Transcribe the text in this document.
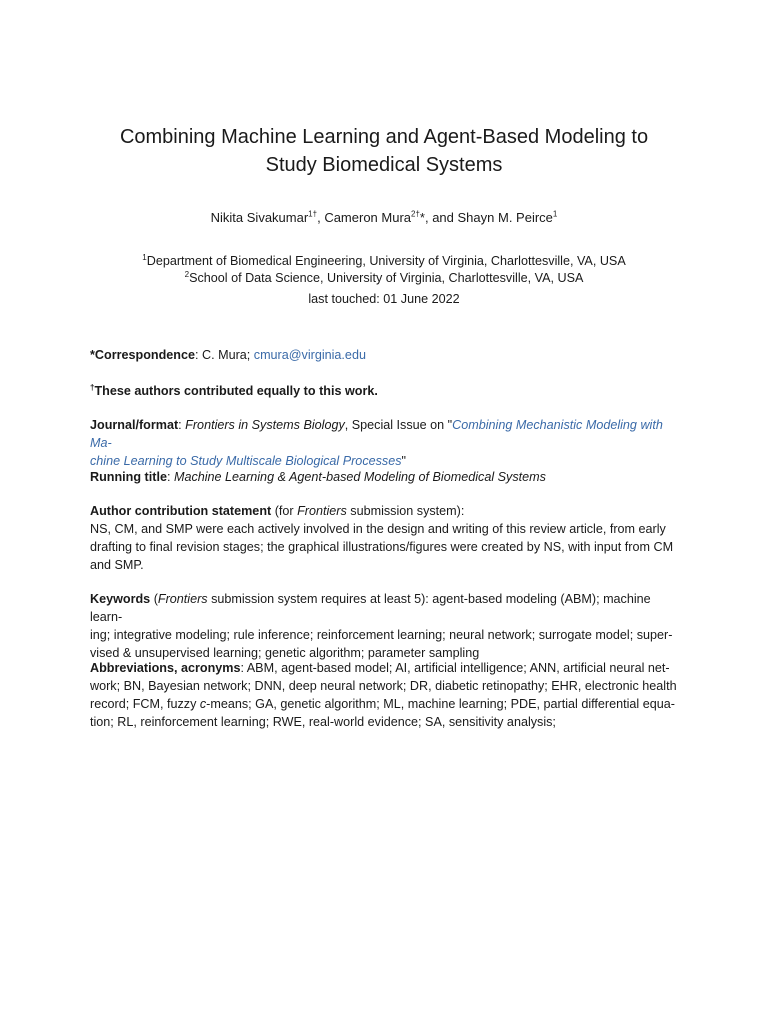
Combining Machine Learning and Agent-Based Modeling to
Study Biomedical Systems
Nikita Sivakumar$^{1\dagger}$, Cameron Mura$^{2\dagger}$*, and Shayn M. Peirce$^1$
$^1$Department of Biomedical Engineering, University of Virginia, Charlottesville, VA, USA
$^2$School of Data Science, University of Virginia, Charlottesville, VA, USA
last touched: 01 June 2022
*Correspondence: C. Mura; cmura@virginia.edu
†These authors contributed equally to this work.
Journal/format: Frontiers in Systems Biology, Special Issue on "Combining Mechanistic Modeling with Ma-
chine Learning to Study Multiscale Biological Processes"
Running title: Machine Learning & Agent-based Modeling of Biomedical Systems
Author contribution statement (for Frontiers submission system):
NS, CM, and SMP were each actively involved in the design and writing of this review article, from early
drafting to final revision stages; the graphical illustrations/figures were created by NS, with input from CM
and SMP.
Keywords (Frontiers submission system requires at least 5): agent-based modeling (ABM); machine learn-
ing; integrative modeling; rule inference; reinforcement learning; neural network; surrogate model; super-
vised & unsupervised learning; genetic algorithm; parameter sampling
Abbreviations, acronyms: ABM, agent-based model; AI, artificial intelligence; ANN, artificial neural net-
work; BN, Bayesian network; DNN, deep neural network; DR, diabetic retinopathy; EHR, electronic health
record; FCM, fuzzy c-means; GA, genetic algorithm; ML, machine learning; PDE, partial differential equa-
tion; RL, reinforcement learning; RWE, real-world evidence; SA, sensitivity analysis;
